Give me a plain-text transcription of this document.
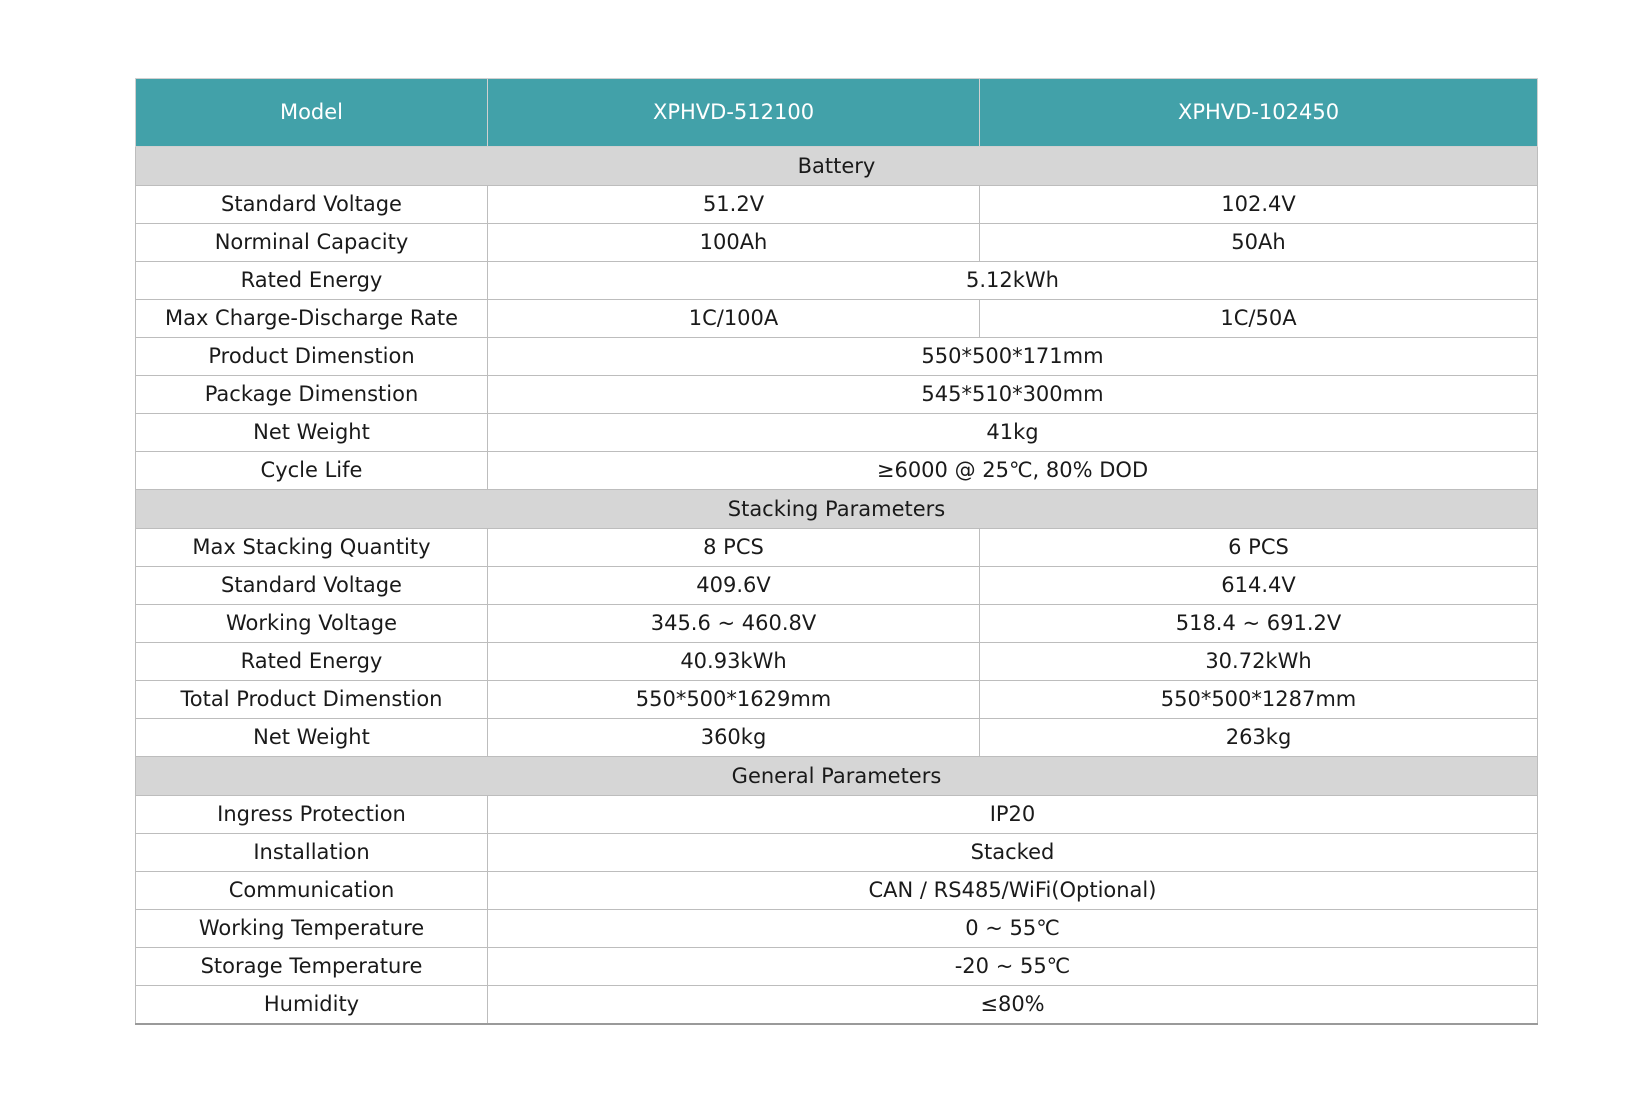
Model	XPHVD-512100	XPHVD-102450
Battery		
Standard Voltage	51.2V	102.4V
Norminal Capacity	100Ah	50Ah
Rated Energy	5.12kWh	
Max Charge-Discharge Rate	1C/100A	1C/50A
Product Dimenstion	550*500*171mm	
Package Dimenstion	545*510*300mm	
Net Weight	41kg	
Cycle Life	≥6000 @ 25℃, 80% DOD	
Stacking Parameters		
Max Stacking Quantity	8 PCS	6 PCS
Standard Voltage	409.6V	614.4V
Working Voltage	345.6 ~ 460.8V	518.4 ~ 691.2V
Rated Energy	40.93kWh	30.72kWh
Total Product Dimenstion	550*500*1629mm	550*500*1287mm
Net Weight	360kg	263kg
General Parameters		
Ingress Protection	IP20	
Installation	Stacked	
Communication	CAN / RS485/WiFi(Optional)	
Working Temperature	0 ~ 55℃	
Storage Temperature	-20 ~ 55℃	
Humidity	≤80%	
